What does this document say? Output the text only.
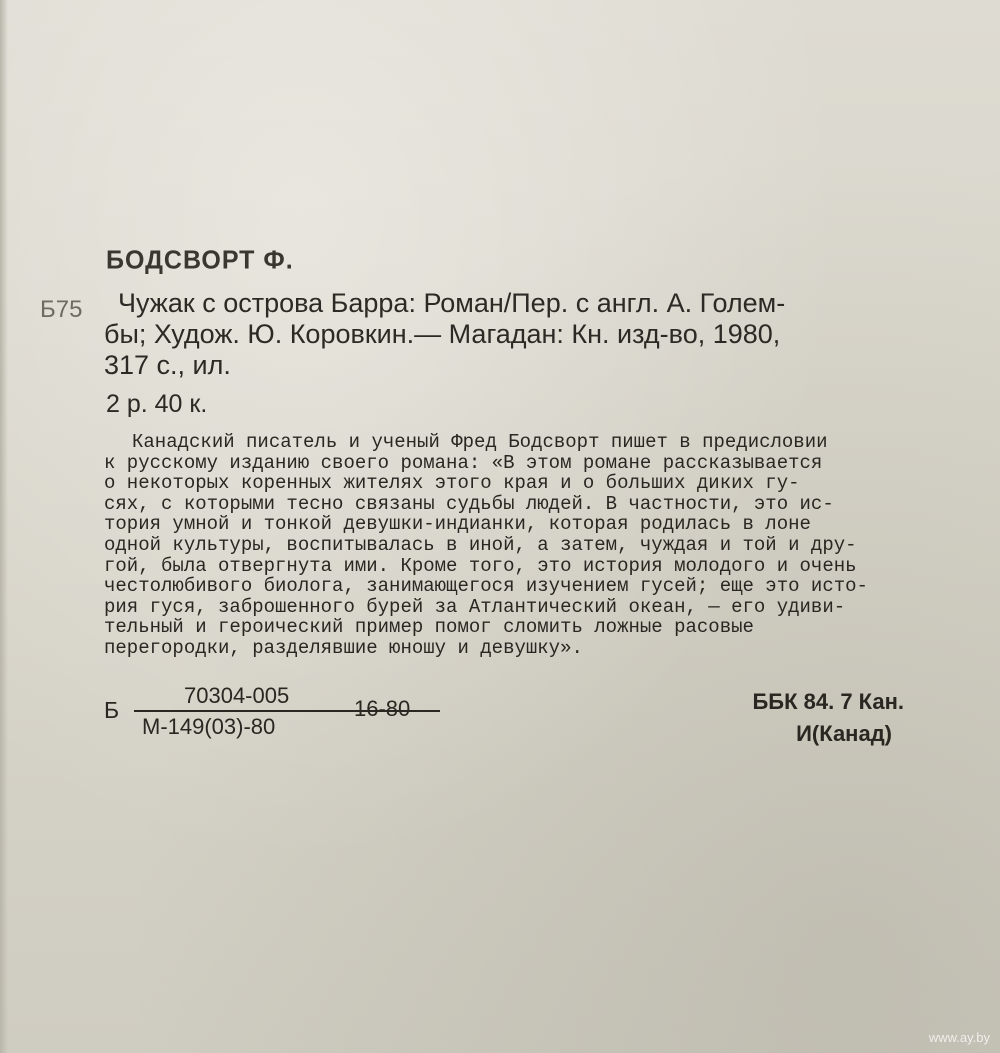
БОДСВОРТ Ф.
Б75	Чужак с острова Барра: Роман/Пер. с англ. А. Голем-
бы; Худож. Ю. Коровкин.— Магадан: Кн. изд-во, 1980,
317 с., ил.
2 р. 40 к.
Канадский писатель и ученый Фред Бодсворт пишет в предисловии
к русскому изданию своего романа: «В этом романе рассказывается
о некоторых коренных жителях этого края и о больших диких гу-
сях, с которыми тесно связаны судьбы людей. В частности, это ис-
тория умной и тонкой девушки-индианки, которая родилась в лоне
одной культуры, воспитывалась в иной, а затем, чуждая и той и дру-
гой, была отвергнута ими. Кроме того, это история молодого и очень
честолюбивого биолога, занимающегося изучением гусей; еще это исто-
рия гуся, заброшенного бурей за Атлантический океан, — его удиви-
тельный и героический пример помог сломить ложные расовые
перегородки, разделявшие юношу и девушку».
Б
70304-005
М-149(03)-80
16-80	ББК 84. 7 Кан.
И(Канад)
www.ay.by
